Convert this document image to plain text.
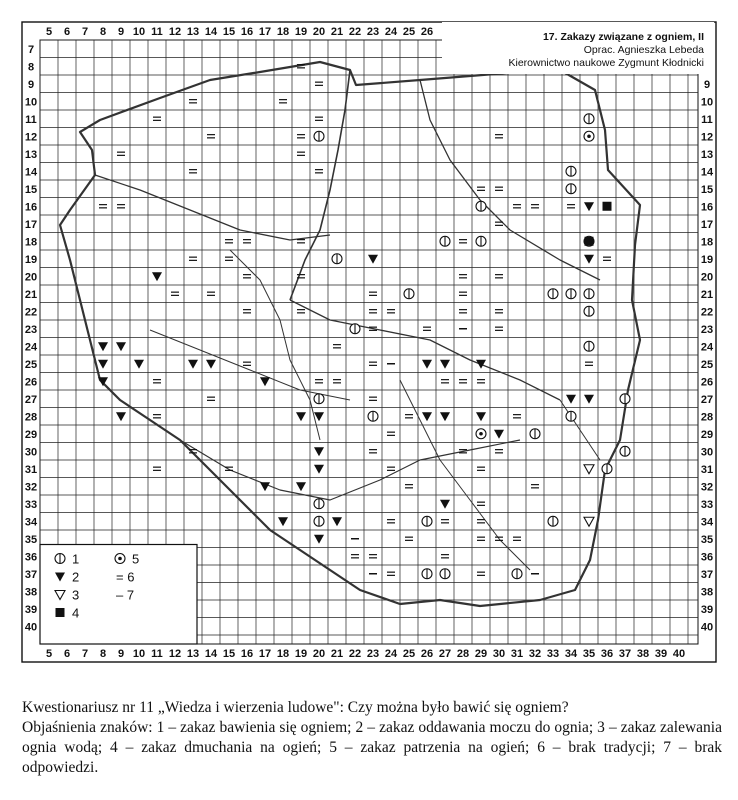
5
5
6
6
7
7
8
8
9
9
10
10
11
11
12
12
13
13
14
14
15
15
16
16
17
17
18
18
19
19
20
20
21
21
22
22
23
23
24
24
25
25
26
26 27 28 29 30 31 32 33 34 35 36 37 38 39 40
7
8
9	9
10	10
11	11
12	12
13	13
14	14
15	15
16	16
17	17
18	18
19	19
20	20
21	21
22	22
23	23
24	24
25	25
26	26
27	27
28	28
29	29
30	30
31	31
32	32
33	33
34	34
35	35
36	36
37	37
38	38
39	39
40	40
17. Zakazy związane z ogniem, II
Oprac. Agnieszka Lebeda
Kierownictwo naukowe Zygmunt Kłodnicki
1
2
3
4
5
= 6
– 7

Kwestionariusz nr 11 „Wiedza i wierzenia ludowe": Czy można było bawić się ogniem?

Objaśnienia znaków: 1 – zakaz bawienia się ogniem; 2 – zakaz oddawania moczu do ognia; 3 – zakaz zalewania ognia wodą; 4 – zakaz dmuchania na ogień; 5 – zakaz patrzenia na ogień; 6 – brak tradycji; 7 – brak odpowiedzi.
